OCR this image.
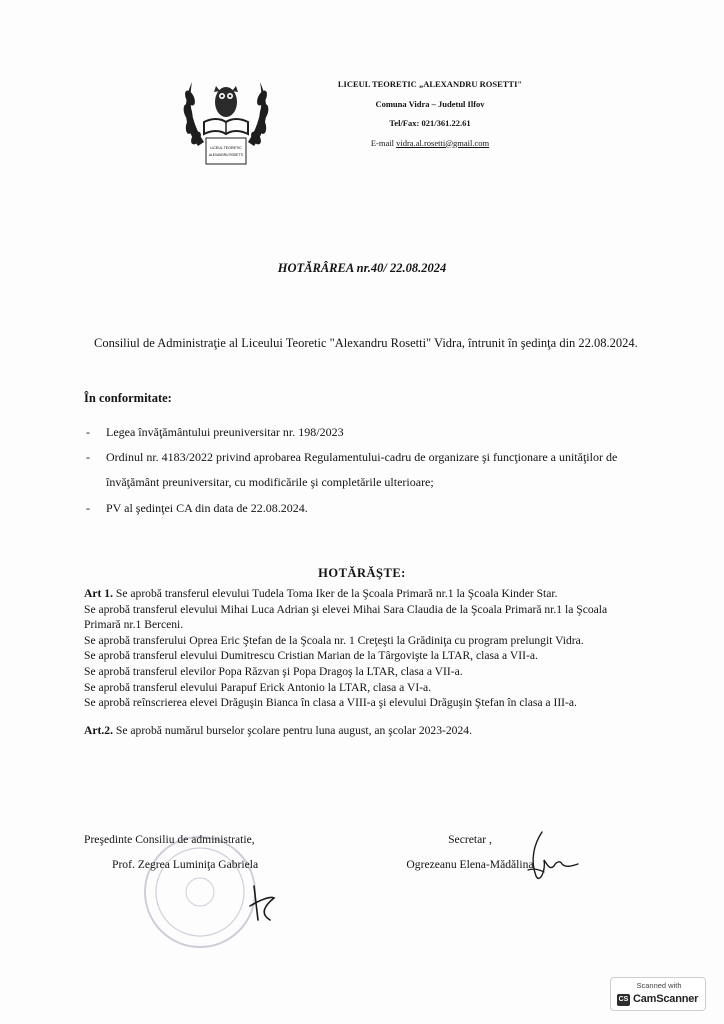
LICEUL TEORETIC
ALEXANDRU ROSETTI
LICEUL TEORETIC „ALEXANDRU ROSETTI"
Comuna Vidra – Judetul Ilfov
Tel/Fax: 021/361.22.61
E-mail vidra.al.rosetti@gmail.com
HOTĂRÂREA nr.40/ 22.08.2024
Consiliul de Administraţie al Liceului Teoretic "Alexandru Rosetti" Vidra, întrunit în şedinţa din 22.08.2024.
În conformitate:
- Legea învăţământului preuniversitar nr. 198/2023
- Ordinul nr. 4183/2022 privind aprobarea Regulamentului-cadru de organizare şi funcţionare a unităţilor de învăţământ preuniversitar, cu modificările şi completările ulterioare;
- PV al şedinţei CA din data de 22.08.2024.
HOTĂRĂŞTE:

Art 1. Se aprobă transferul elevului Tudela Toma Iker de la Şcoala Primară nr.1 la Şcoala Kinder Star.

Se aprobă transferul elevului Mihai Luca Adrian şi elevei Mihai Sara Claudia de la Şcoala Primară nr.1 la Şcoala Primară nr.1 Berceni.

Se aprobă transferului Oprea Eric Ştefan de la Şcoala nr. 1 Creţeşti la Grădiniţa cu program prelungit Vidra.

Se aprobă transferul elevului Dumitrescu Cristian Marian de la Târgovişte la LTAR, clasa a VII-a.

Se aprobă transferul elevilor Popa Răzvan şi Popa Dragoş la LTAR, clasa a VII-a.

Se aprobă transferul elevului Parapuf Erick Antonio la LTAR, clasa a VI-a.

Se aprobă reînscrierea elevei Drăguşin Bianca în clasa a VIII-a şi elevului Drăguşin Ştefan în clasa a III-a.

Art.2. Se aprobă numărul burselor şcolare pentru luna august, an şcolar 2023-2024.

Preşedinte Consiliu de administratie,
Prof. Zegrea Luminiţa Gabriela
Secretar ,
Ogrezeanu Elena-Mădălina
Scanned with
CS CamScanner
